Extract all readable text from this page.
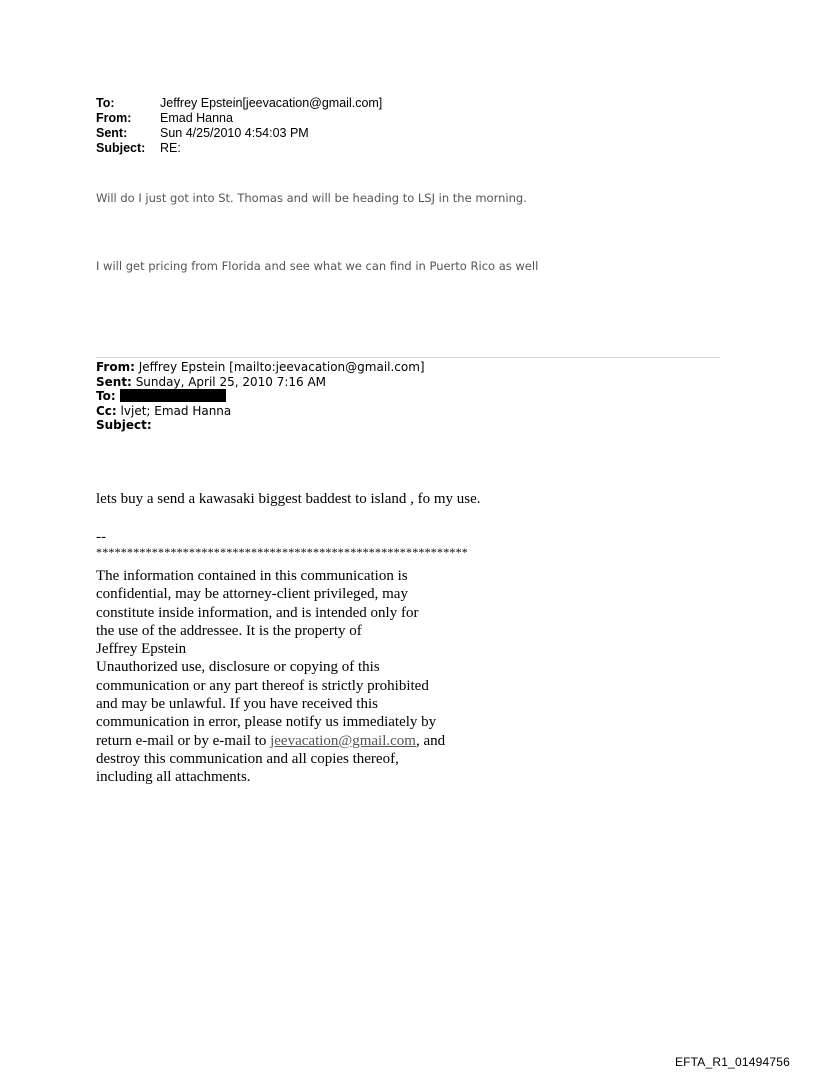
To:	Jeffrey Epstein[jeevacation@gmail.com]
From:	Emad Hanna
Sent:	Sun 4/25/2010 4:54:03 PM
Subject:	RE:
Will do I just got into St. Thomas and will be heading to LSJ in the morning.
I will get pricing from Florida and see what we can find in Puerto Rico as well
From: Jeffrey Epstein [mailto:jeevacation@gmail.com]
Sent: Sunday, April 25, 2010 7:16 AM
To:
Cc: lvjet; Emad Hanna
Subject:
lets buy a send a kawasaki biggest baddest to island , fo my use.
--
************************************************************
The information contained in this communication is
confidential, may be attorney-client privileged, may
constitute inside information, and is intended only for
the use of the addressee. It is the property of
Jeffrey Epstein
Unauthorized use, disclosure or copying of this
communication or any part thereof is strictly prohibited
and may be unlawful. If you have received this
communication in error, please notify us immediately by
return e-mail or by e-mail to jeevacation@gmail.com, and
destroy this communication and all copies thereof,
including all attachments.
EFTA_R1_01494756
